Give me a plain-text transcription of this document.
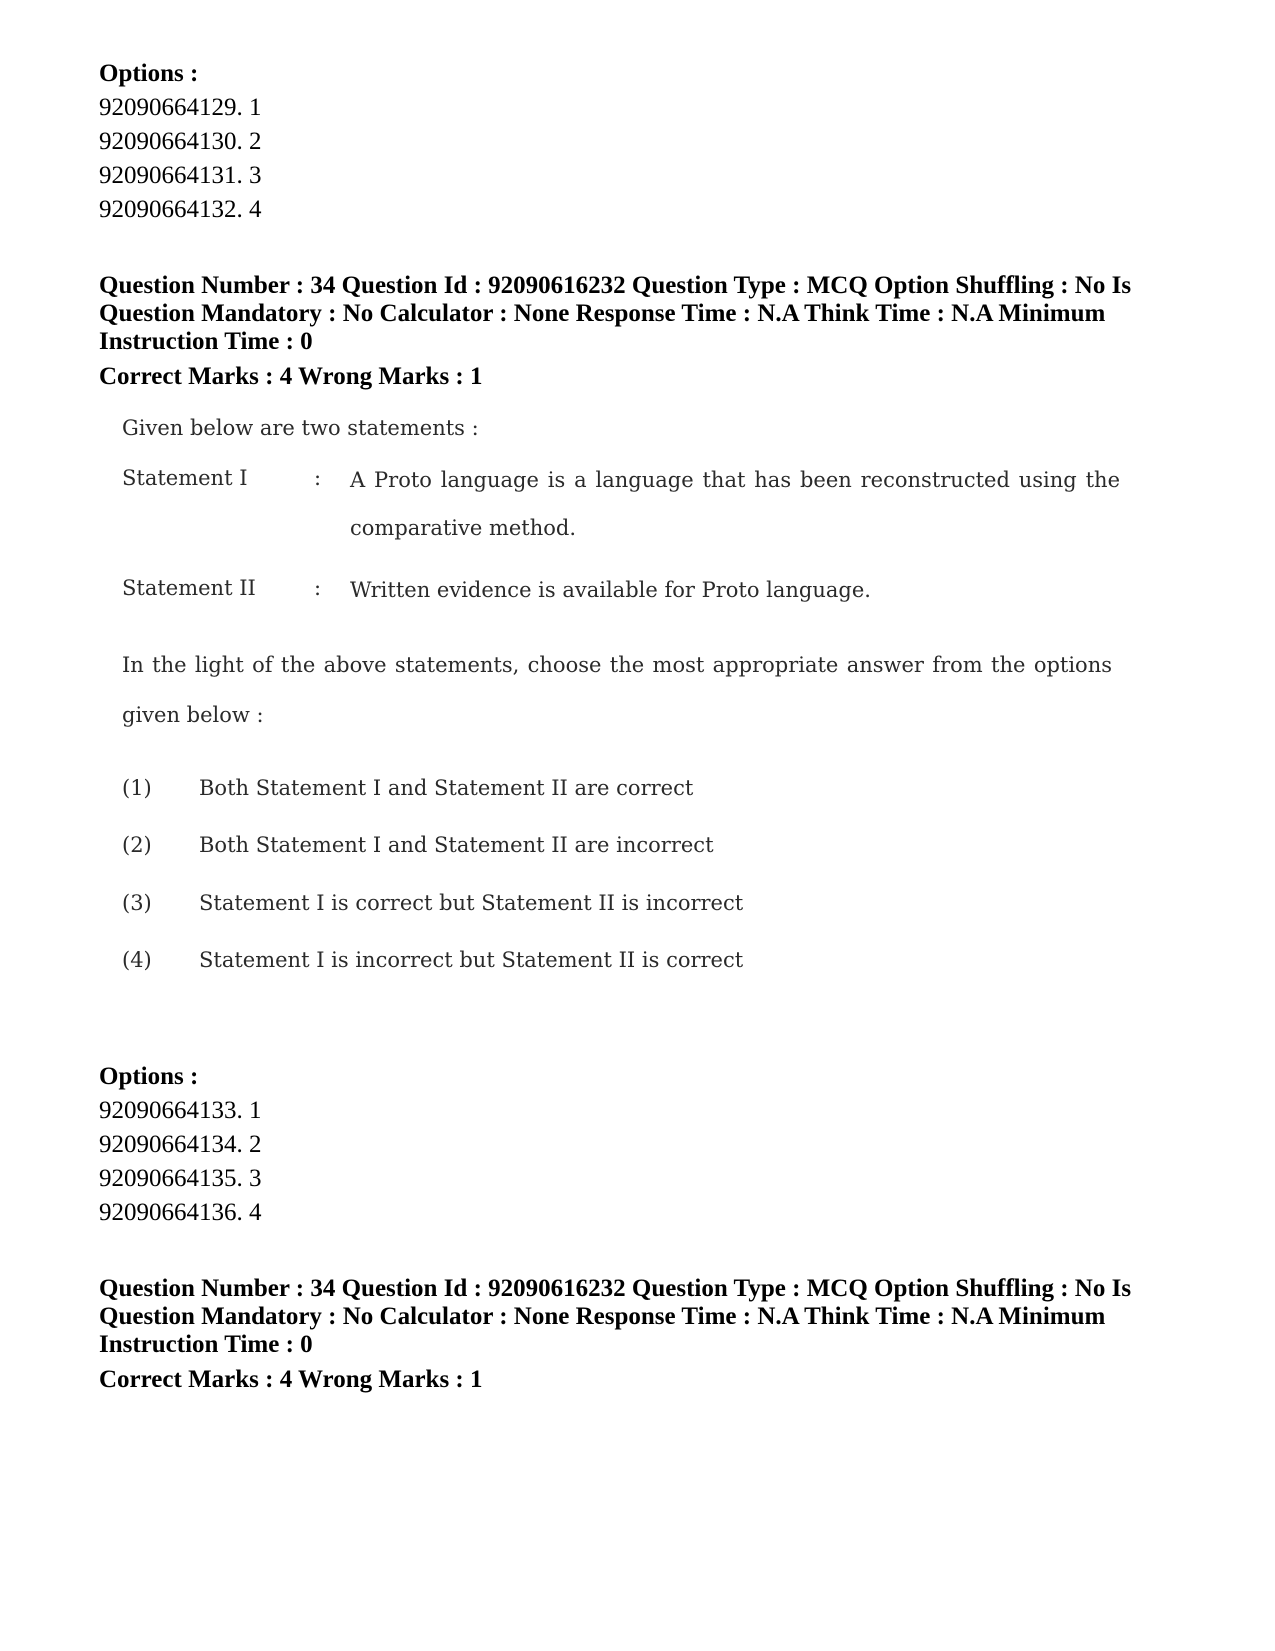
Options :
92090664129. 1
92090664130. 2
92090664131. 3
92090664132. 4
Question Number : 34 Question Id : 92090616232 Question Type : MCQ Option Shuffling : No Is Question Mandatory : No Calculator : None Response Time : N.A Think Time : N.A Minimum Instruction Time : 0
Correct Marks : 4 Wrong Marks : 1
Given below are two statements :
Statement I	: A Proto language is a language that has been reconstructed using the comparative method.
Statement II	: Written evidence is available for Proto language.
In the light of the above statements, choose the most appropriate answer from the options given below :
(1) Both Statement I and Statement II are correct
(2) Both Statement I and Statement II are incorrect
(3) Statement I is correct but Statement II is incorrect
(4) Statement I is incorrect but Statement II is correct
Options :
92090664133. 1
92090664134. 2
92090664135. 3
92090664136. 4
Question Number : 34 Question Id : 92090616232 Question Type : MCQ Option Shuffling : No Is Question Mandatory : No Calculator : None Response Time : N.A Think Time : N.A Minimum Instruction Time : 0
Correct Marks : 4 Wrong Marks : 1
